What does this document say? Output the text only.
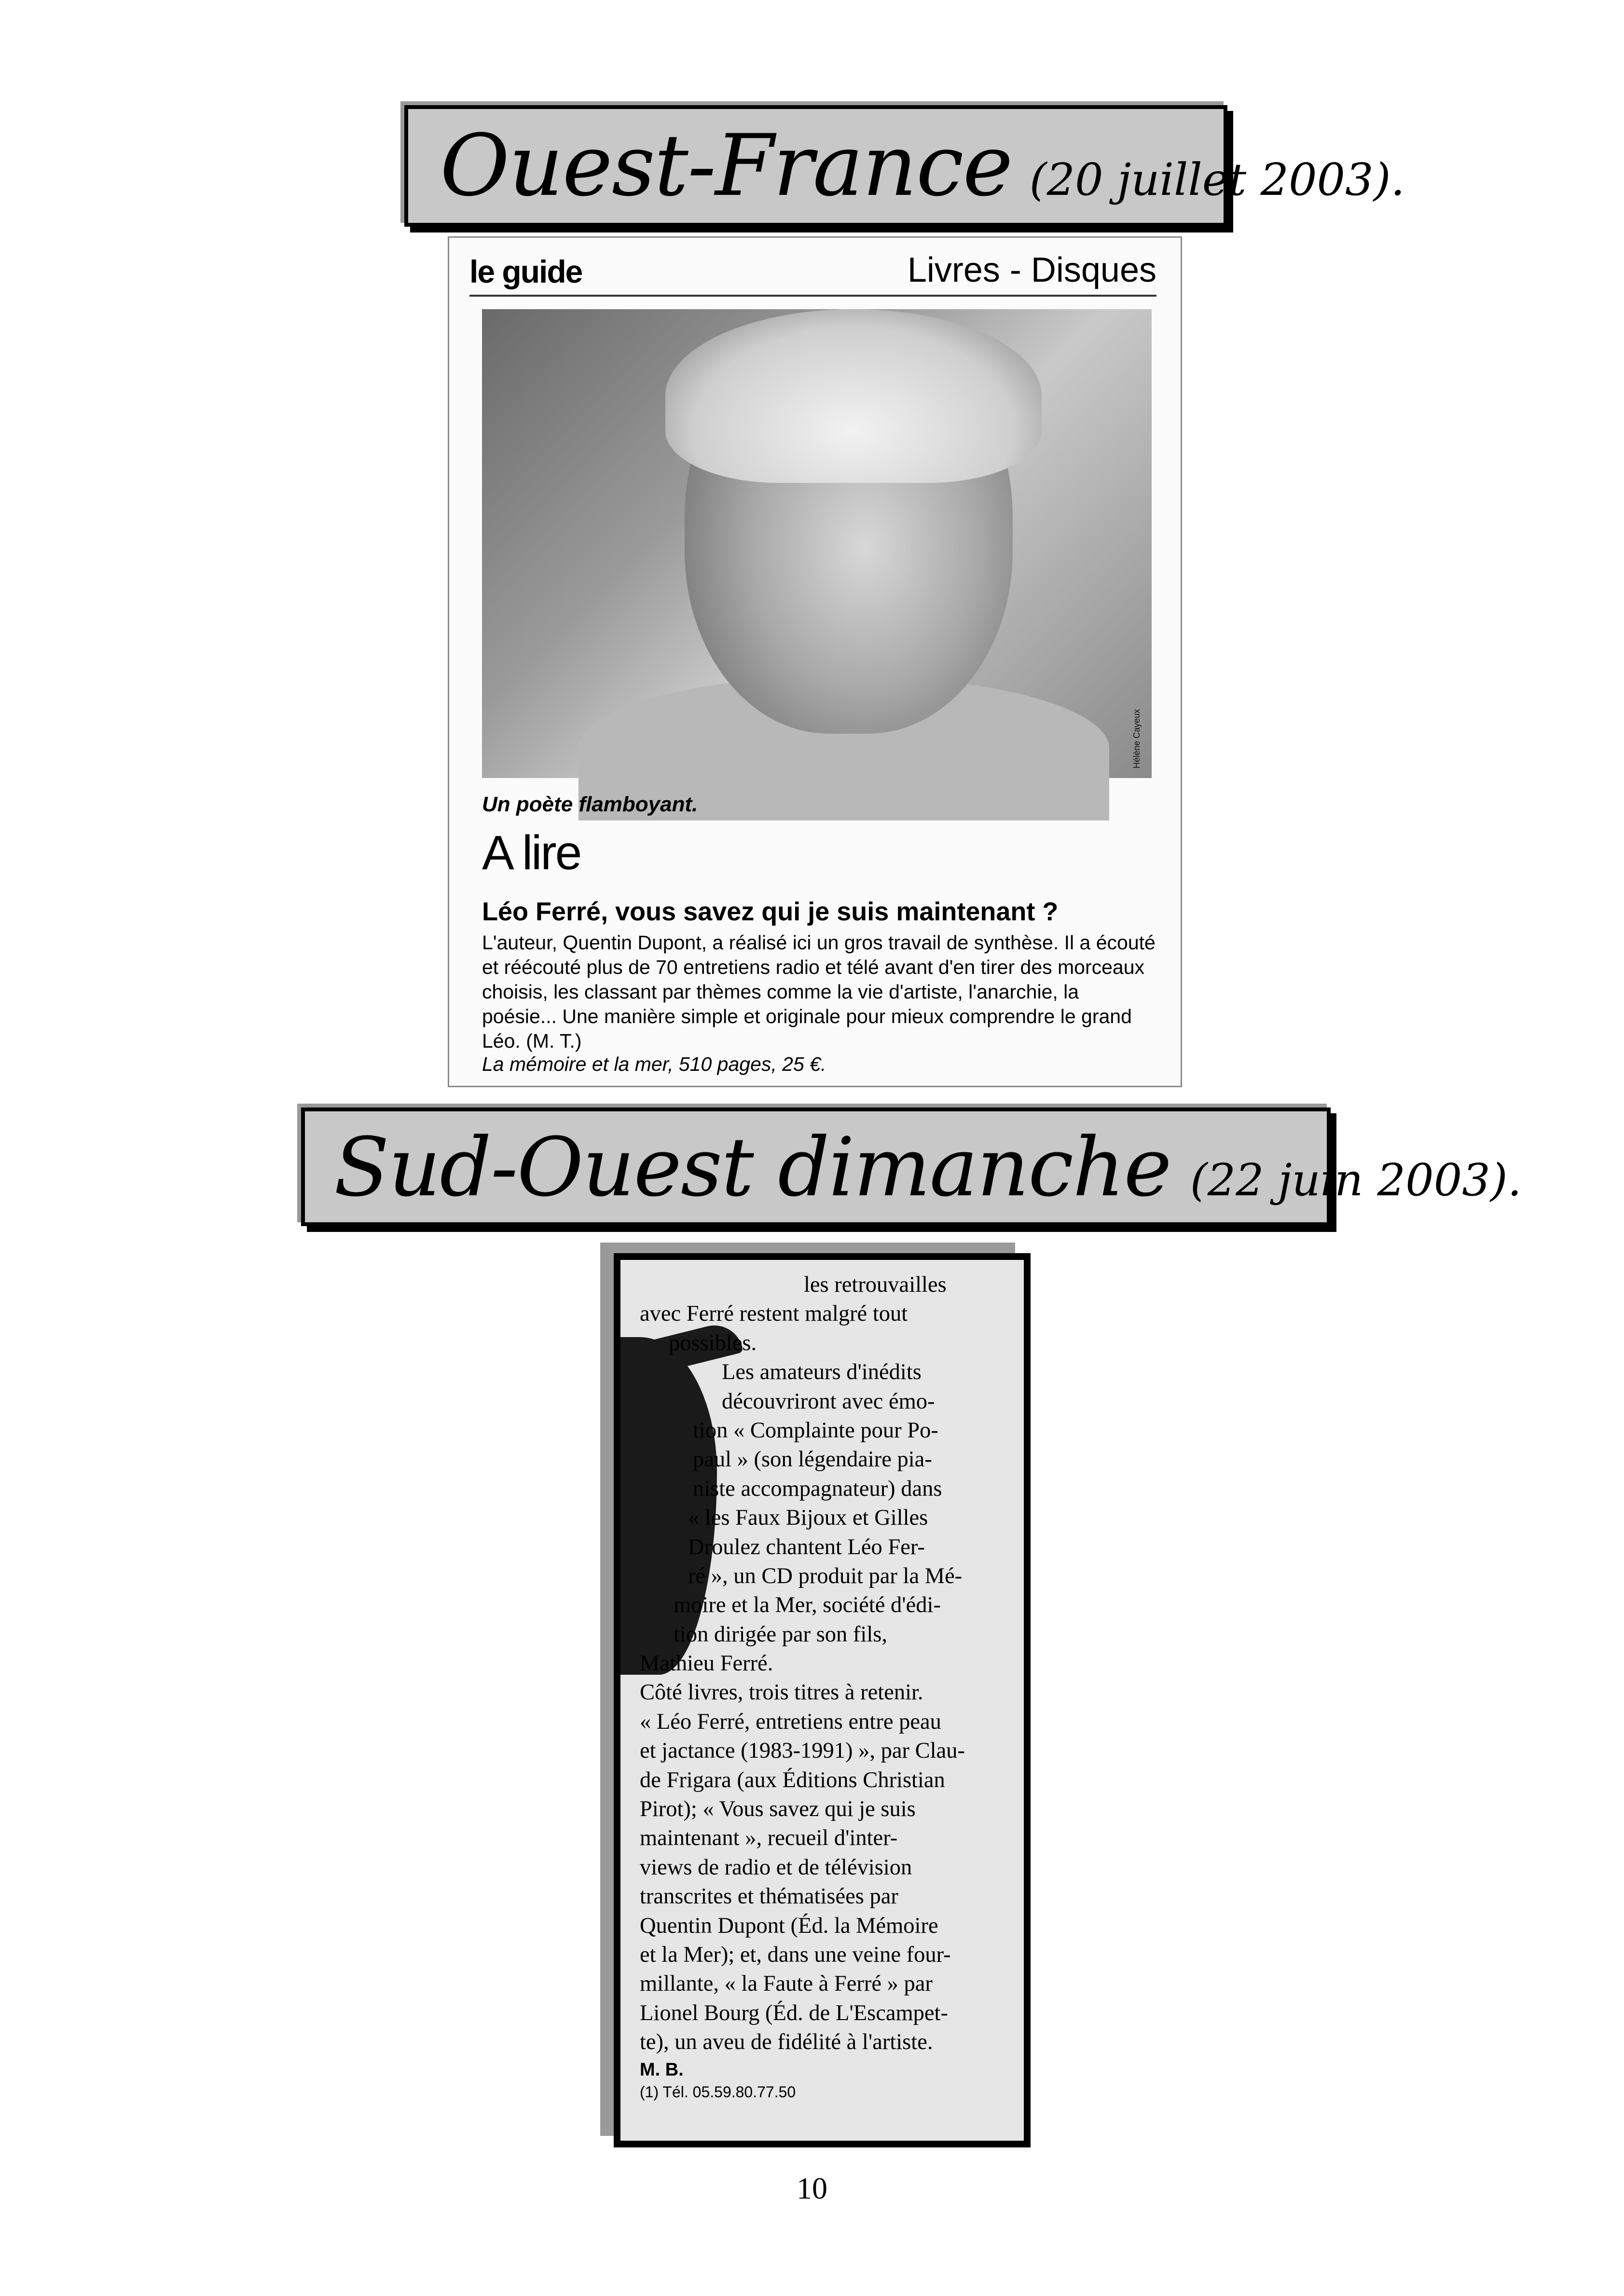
Ouest-France (20 juillet 2003).
le guide	Livres - Disques
Hélène Cayeux
Un poète flamboyant.
A lire
Léo Ferré, vous savez qui je suis maintenant ?
L'auteur, Quentin Dupont, a réalisé ici un gros travail de synthèse. Il a écouté et réécouté plus de 70 entretiens radio et télé avant d'en tirer des morceaux choisis, les classant par thèmes comme la vie d'artiste, l'anarchie, la poésie... Une manière simple et originale pour mieux comprendre le grand Léo. (M. T.)
La mémoire et la mer, 510 pages, 25 €.
Sud-Ouest dimanche (22 juin 2003).
les retrouvailles
avec Ferré restent malgré tout
possibles.
Les amateurs d'inédits
découvriront avec émo-
tion « Complainte pour Po-
paul » (son légendaire pia-
niste accompagnateur) dans
« les Faux Bijoux et Gilles
Droulez chantent Léo Fer-
ré », un CD produit par la Mé-
moire et la Mer, société d'édi-
tion dirigée par son fils,
Mathieu Ferré.
Côté livres, trois titres à retenir.
« Léo Ferré, entretiens entre peau
et jactance (1983-1991) », par Clau-
de Frigara (aux Éditions Christian
Pirot); « Vous savez qui je suis
maintenant », recueil d'inter-
views de radio et de télévision
transcrites et thématisées par
Quentin Dupont (Éd. la Mémoire
et la Mer); et, dans une veine four-
millante, « la Faute à Ferré » par
Lionel Bourg (Éd. de L'Escampet-
te), un aveu de fidélité à l'artiste.
M. B.
(1) Tél. 05.59.80.77.50
10
